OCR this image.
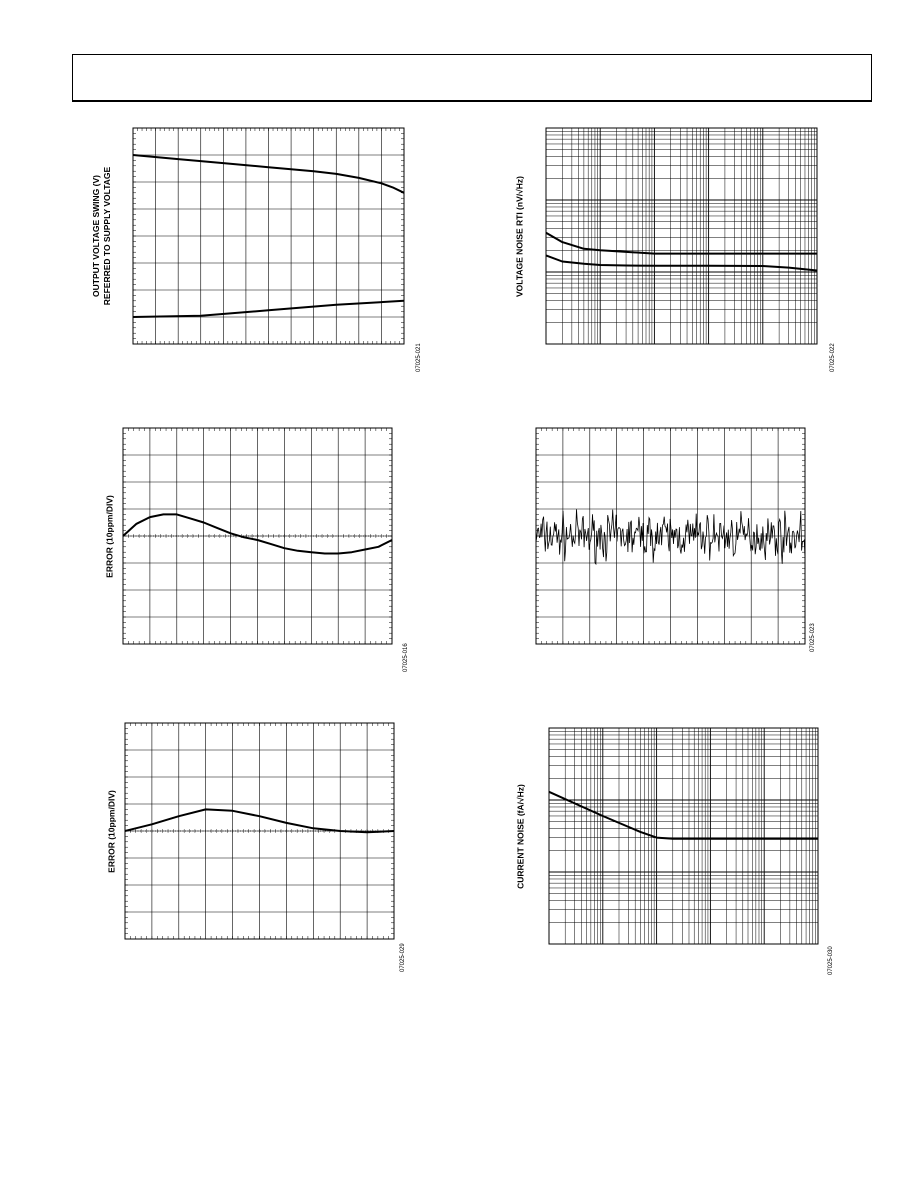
OUTPUT VOLTAGE SWING (V) REFERRED TO SUPPLY VOLTAGE
07025-021
VOLTAGE NOISE RTI (nV/√Hz)
07025-022
ERROR (10ppm/DIV)
07025-016
07025-023
ERROR (10ppm/DIV)
07025-029
CURRENT NOISE (fA/√Hz)
07025-030
